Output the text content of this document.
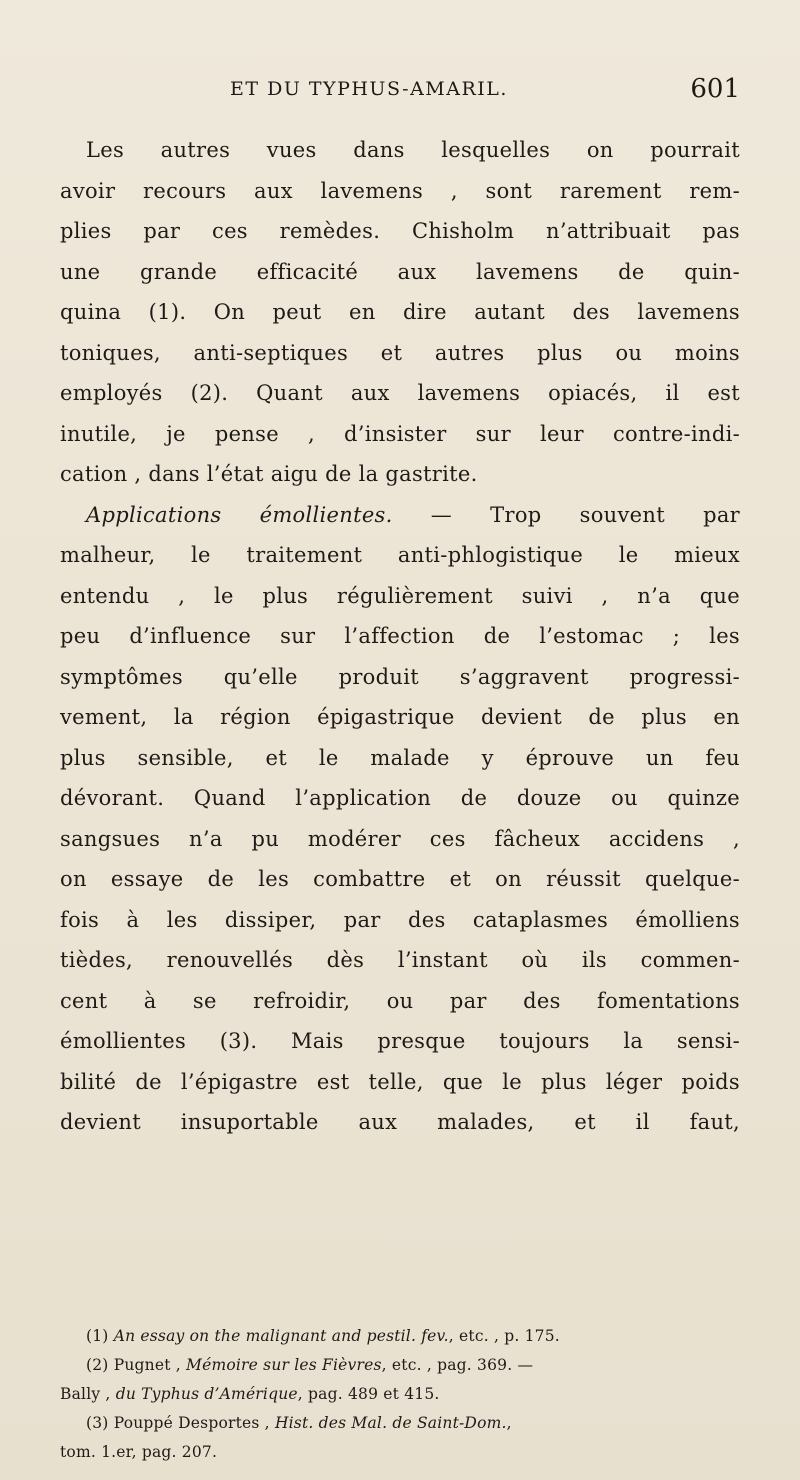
ET DU TYPHUS-AMARIL.	601
Les autres vues dans lesquelles on pourrait
avoir recours aux lavemens , sont rarement rem-
plies par ces remèdes. Chisholm n’attribuait pas
une grande efficacité aux lavemens de quin-
quina (1). On peut en dire autant des lavemens
toniques, anti-septiques et autres plus ou moins
employés (2). Quant aux lavemens opiacés, il est
inutile, je pense , d’insister sur leur contre-indi-
cation , dans l’état aigu de la gastrite.
Applications émollientes. — Trop souvent par
malheur, le traitement anti-phlogistique le mieux
entendu , le plus régulièrement suivi , n’a que
peu d’influence sur l’affection de l’estomac ; les
symptômes qu’elle produit s’aggravent progressi-
vement, la région épigastrique devient de plus en
plus sensible, et le malade y éprouve un feu
dévorant. Quand l’application de douze ou quinze
sangsues n’a pu modérer ces fâcheux accidens ,
on essaye de les combattre et on réussit quelque-
fois à les dissiper, par des cataplasmes émolliens
tièdes, renouvellés dès l’instant où ils commen-
cent à se refroidir, ou par des fomentations
émollientes (3). Mais presque toujours la sensi-
bilité de l’épigastre est telle, que le plus léger poids
devient insuportable aux malades, et il faut,
(1) An essay on the malignant and pestil. fev., etc. , p. 175.
(2) Pugnet , Mémoire sur les Fièvres, etc. , pag. 369. —
Bally , du Typhus d’Amérique, pag. 489 et 415.
(3) Pouppé Desportes , Hist. des Mal. de Saint-Dom.,
tom. 1.er, pag. 207.
